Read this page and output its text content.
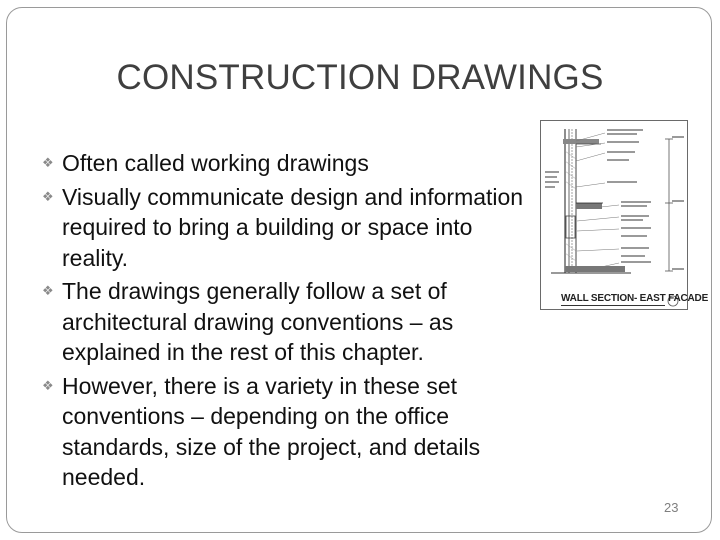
CONSTRUCTION DRAWINGS
❖ Often called working drawings
❖ Visually communicate design and information required to bring a building or space into reality.
❖ The drawings generally follow a set of architectural drawing conventions – as explained in the rest of this chapter.
❖ However, there is a variety in these set conventions – depending on the office standards, size of the project, and details needed.
WALL SECTION- EAST FACADE
23
